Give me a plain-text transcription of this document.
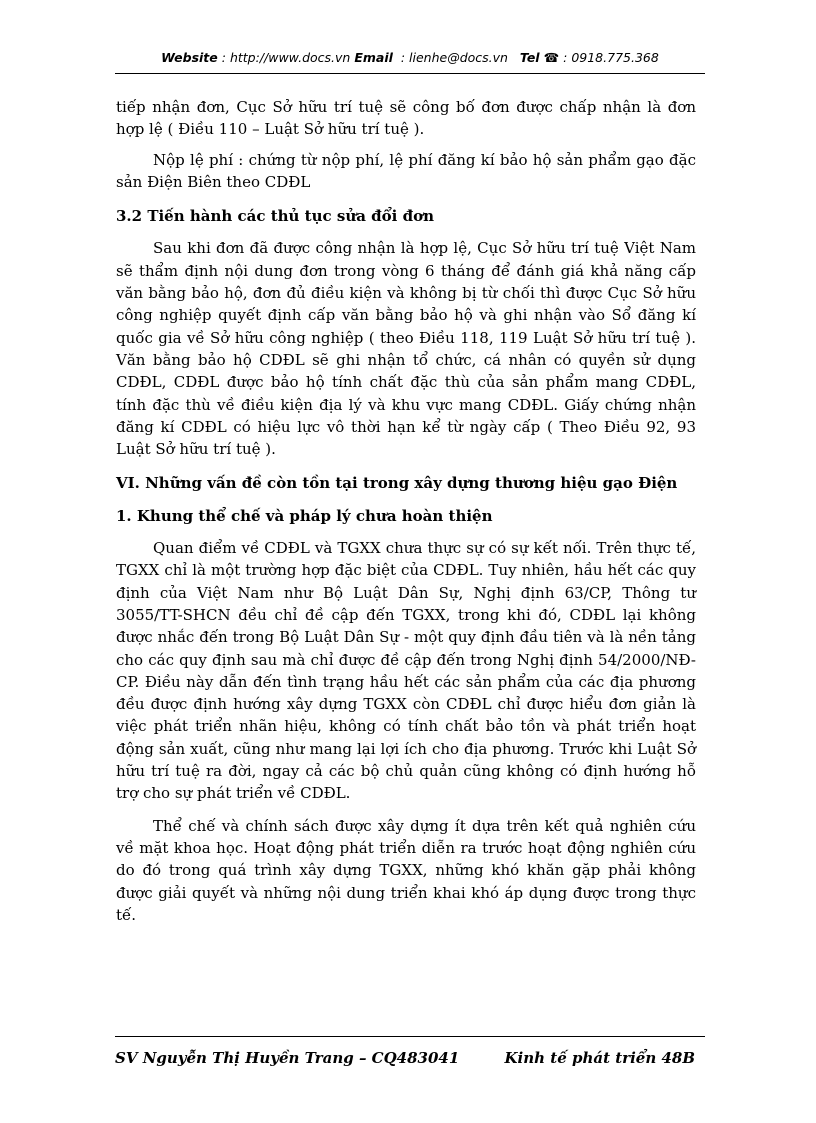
Website : http://www.docs.vn Email  : lienhe@docs.vn Tel ☎ : 0918.775.368

tiếp nhận đơn, Cục Sở hữu trí tuệ sẽ công bố đơn được chấp nhận là đơn hợp lệ ( Điều 110 – Luật Sở hữu trí tuệ ).

Nộp lệ phí : chứng từ nộp phí, lệ phí đăng kí bảo hộ sản phẩm gạo đặc sản Điện Biên theo CDĐL

3.2 Tiến hành các thủ tục sửa đổi đơn

Sau khi đơn đã được công nhận là hợp lệ, Cục Sở hữu trí tuệ Việt Nam sẽ thẩm định nội dung đơn trong vòng 6 tháng để đánh giá khả năng cấp văn bằng bảo hộ, đơn đủ điều kiện và không bị từ chối thì được Cục Sở hữu công nghiệp quyết định cấp văn bằng bảo hộ và ghi nhận vào Sổ đăng kí quốc gia về Sở hữu công nghiệp ( theo Điều 118, 119 Luật Sở hữu trí tuệ ). Văn bằng bảo hộ CDĐL sẽ ghi nhận tổ chức, cá nhân có quyền sử dụng CDĐL, CDĐL được bảo hộ tính chất đặc thù của sản phẩm mang CDĐL, tính đặc thù về điều kiện địa lý và khu vực mang CDĐL. Giấy chứng nhận đăng kí CDĐL có hiệu lực vô thời hạn kể từ ngày cấp ( Theo Điều 92, 93 Luật Sở hữu trí tuệ ).

VI. Những vấn đề còn tồn tại trong xây dựng thương hiệu gạo Điện

1. Khung thể chế và pháp lý chưa hoàn thiện

Quan điểm về CDĐL và TGXX chưa thực sự có sự kết nối. Trên thực tế, TGXX chỉ là một trường hợp đặc biệt của CDĐL. Tuy nhiên, hầu hết các quy định của Việt Nam như Bộ Luật Dân Sự, Nghị định 63/CP, Thông tư 3055/TT-SHCN đều chỉ đề cập đến TGXX, trong khi đó, CDĐL lại không được nhắc đến trong Bộ Luật Dân Sự - một quy định đầu tiên và là nền tảng cho các quy định sau mà chỉ được đề cập đến trong Nghị định 54/2000/NĐ-CP. Điều này dẫn đến tình trạng hầu hết các sản phẩm của các địa phương đều được định hướng xây dựng TGXX còn CDĐL chỉ được hiểu đơn giản là việc phát triển nhãn hiệu, không có tính chất bảo tồn và phát triển hoạt động sản xuất, cũng như mang lại lợi ích cho địa phương. Trước khi Luật Sở hữu trí tuệ ra đời, ngay cả các bộ chủ quản cũng không có định hướng hỗ trợ cho sự phát triển về CDĐL.

Thể chế và chính sách được xây dựng ít dựa trên kết quả nghiên cứu về mặt khoa học. Hoạt động phát triển diễn ra trước hoạt động nghiên cứu do đó trong quá trình xây dựng TGXX, những khó khăn gặp phải không được giải quyết và những nội dung triển khai khó áp dụng được trong thực tế.

SV Nguyễn Thị Huyền Trang – CQ483041	Kinh tế phát triển 48B
